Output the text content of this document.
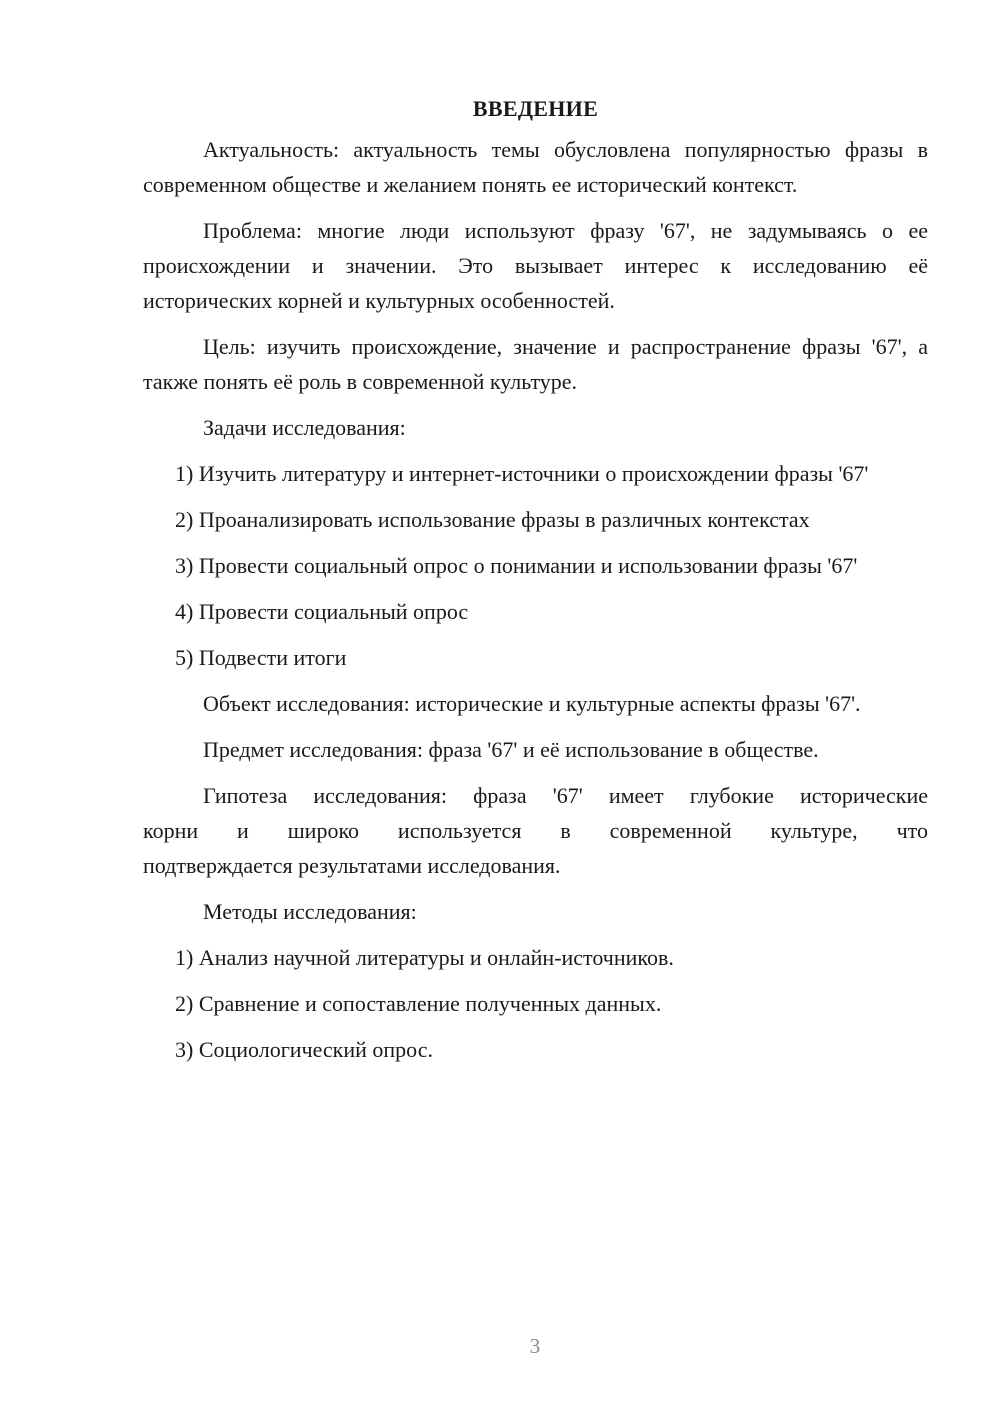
ВВЕДЕНИЕ
Актуальность: актуальность темы обусловлена популярностью фразы в современном обществе и желанием понять ее исторический контекст.
Проблема: многие люди используют фразу '67', не задумываясь о ее происхождении и значении. Это вызывает интерес к исследованию её исторических корней и культурных особенностей.
Цель: изучить происхождение, значение и распространение фразы '67', а также понять её роль в современной культуре.
Задачи исследования:
1) Изучить литературу и интернет-источники о происхождении фразы '67'
2) Проанализировать использование фразы в различных контекстах
3) Провести социальный опрос о понимании и использовании фразы '67'
4) Провести социальный опрос
5) Подвести итоги
Объект исследования: исторические и культурные аспекты фразы '67'.
Предмет исследования: фраза '67' и её использование в обществе.
Гипотеза исследования: фраза '67' имеет глубокие исторические
корни и широко используется в современной культуре, что
подтверждается результатами исследования.
Методы исследования:
1) Анализ научной литературы и онлайн-источников.
2) Сравнение и сопоставление полученных данных.
3) Социологический опрос.
3
